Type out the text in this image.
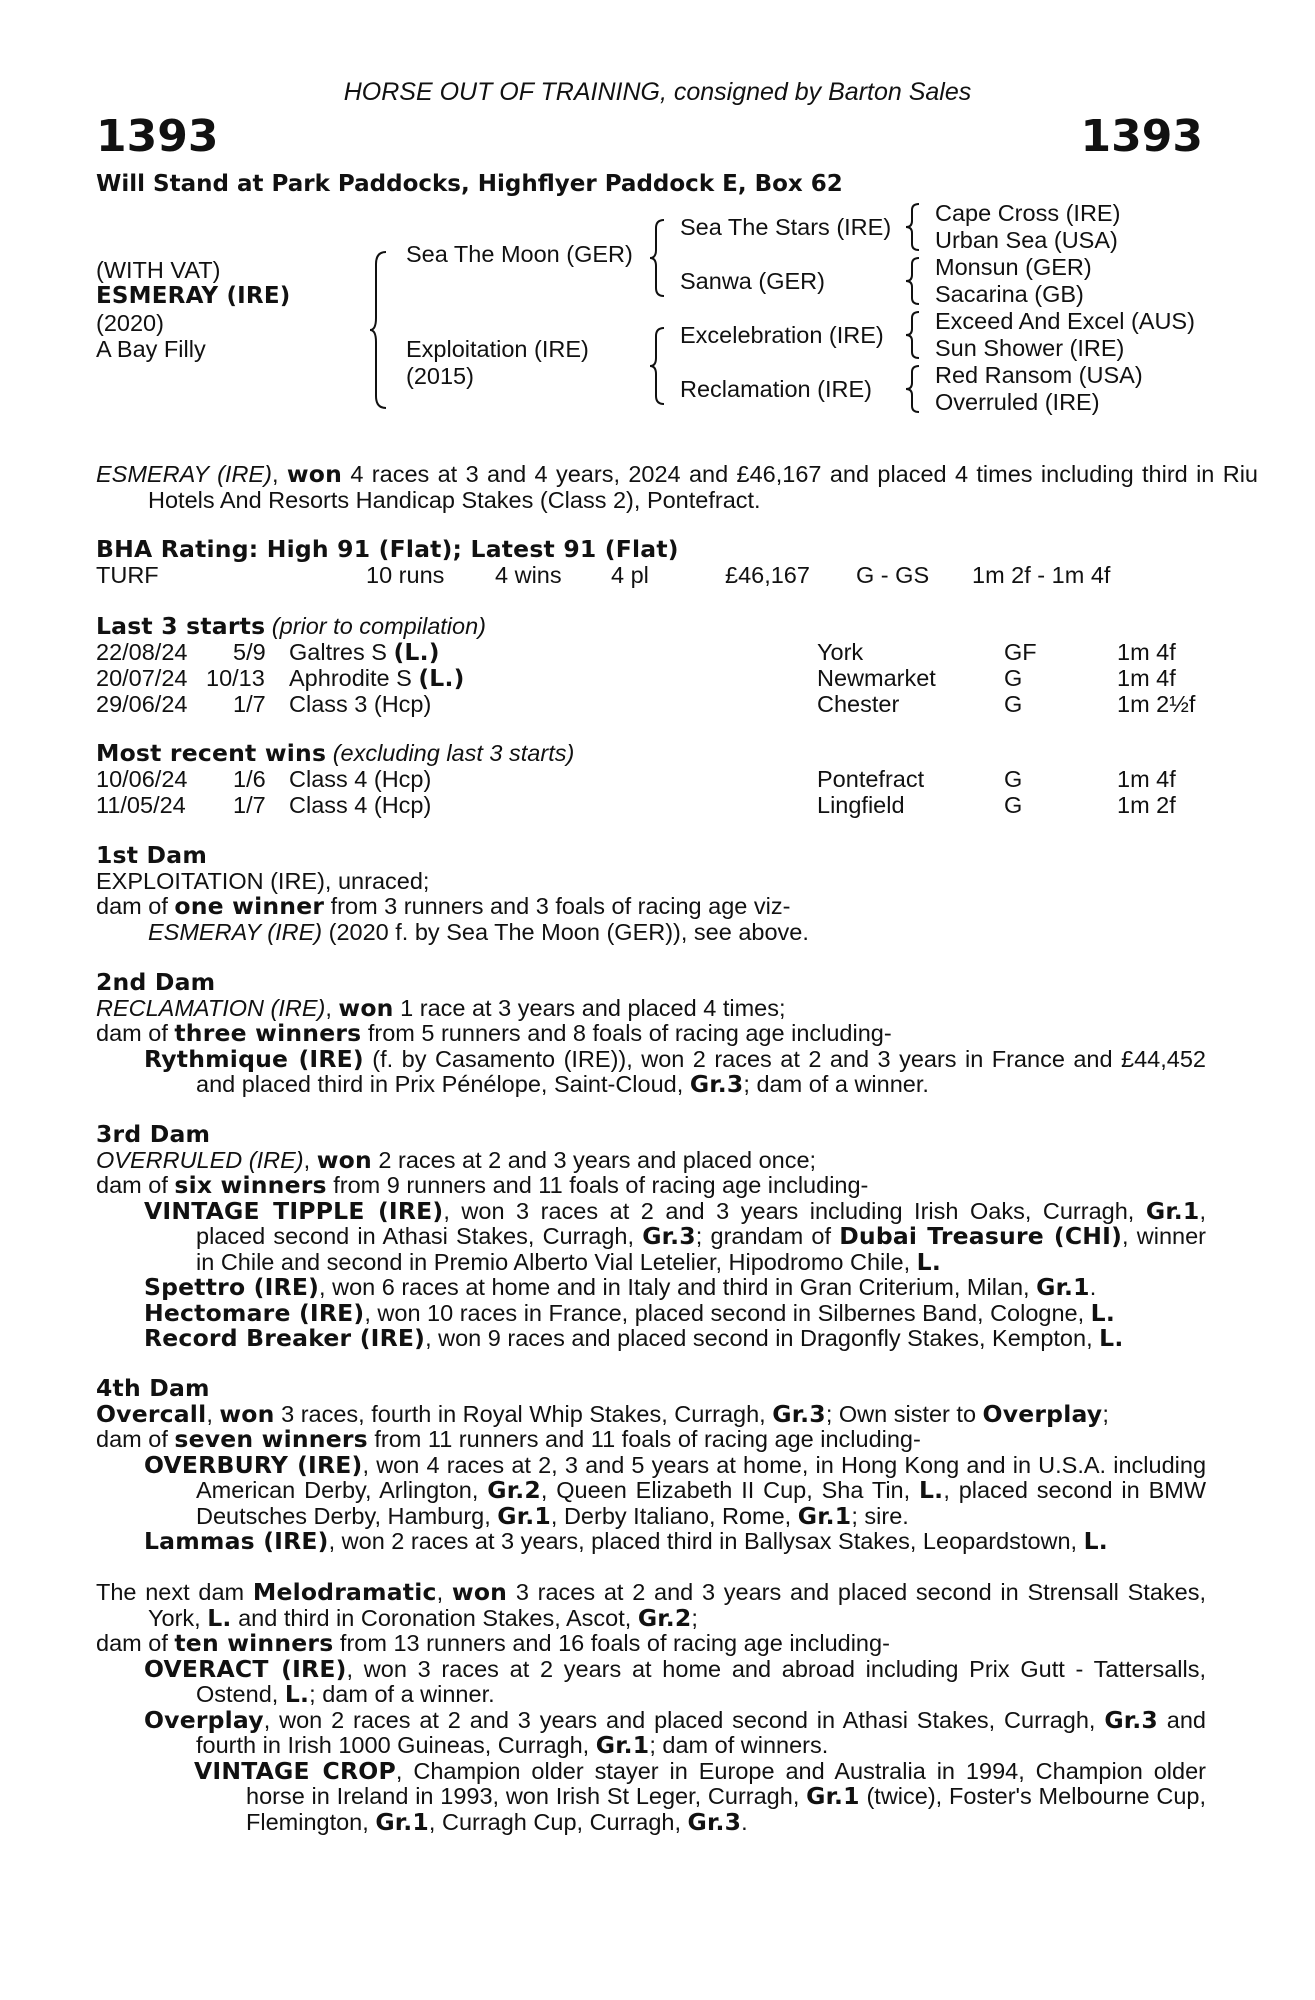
HORSE OUT OF TRAINING, consigned by Barton Sales
1393	1393
Will Stand at Park Paddocks, Highflyer Paddock E, Box 62
(WITH VAT)
ESMERAY (IRE)
(2020)
A Bay Filly
Sea The Moon (GER)
Exploitation (IRE)
(2015)
Sea The Stars (IRE)
Sanwa (GER)
Excelebration (IRE)
Reclamation (IRE)
Cape Cross (IRE)
Urban Sea (USA)
Monsun (GER)
Sacarina (GB)
Exceed And Excel (AUS)
Sun Shower (IRE)
Red Ransom (USA)
Overruled (IRE)
ESMERAY (IRE), won 4 races at 3 and 4 years, 2024 and £46,167 and placed 4 times including third in Riu Hotels And Resorts Handicap Stakes (Class 2), Pontefract.
BHA Rating: High 91 (Flat); Latest 91 (Flat)
TURF	10 runs 4 wins 4 pl	£46,167 G - GS 1m 2f - 1m 4f
Last 3 starts (prior to compilation)
22/08/24 5/9 Galtres S (L.)	York	GF	1m 4f
20/07/24 10/13 Aphrodite S (L.)	Newmarket	G	1m 4f
29/06/24 1/7 Class 3 (Hcp)	Chester	G	1m 2½f
Most recent wins (excluding last 3 starts)
10/06/24 1/6 Class 4 (Hcp)	Pontefract	G	1m 4f
11/05/24 1/7 Class 4 (Hcp)	Lingfield	G	1m 2f
1st Dam
EXPLOITATION (IRE), unraced;
dam of one winner from 3 runners and 3 foals of racing age viz-
ESMERAY (IRE) (2020 f. by Sea The Moon (GER)), see above.
2nd Dam
RECLAMATION (IRE), won 1 race at 3 years and placed 4 times;
dam of three winners from 5 runners and 8 foals of racing age including-
Rythmique (IRE) (f. by Casamento (IRE)), won 2 races at 2 and 3 years in France and £44,452 and placed third in Prix Pénélope, Saint-Cloud, Gr.3; dam of a winner.
3rd Dam
OVERRULED (IRE), won 2 races at 2 and 3 years and placed once;
dam of six winners from 9 runners and 11 foals of racing age including-
VINTAGE TIPPLE (IRE), won 3 races at 2 and 3 years including Irish Oaks, Curragh, Gr.1, placed second in Athasi Stakes, Curragh, Gr.3; grandam of Dubai Treasure (CHI), winner in Chile and second in Premio Alberto Vial Letelier, Hipodromo Chile, L.
Spettro (IRE), won 6 races at home and in Italy and third in Gran Criterium, Milan, Gr.1.
Hectomare (IRE), won 10 races in France, placed second in Silbernes Band, Cologne, L.
Record Breaker (IRE), won 9 races and placed second in Dragonfly Stakes, Kempton, L.
4th Dam
Overcall, won 3 races, fourth in Royal Whip Stakes, Curragh, Gr.3; Own sister to Overplay;
dam of seven winners from 11 runners and 11 foals of racing age including-
OVERBURY (IRE), won 4 races at 2, 3 and 5 years at home, in Hong Kong and in U.S.A. including American Derby, Arlington, Gr.2, Queen Elizabeth II Cup, Sha Tin, L., placed second in BMW Deutsches Derby, Hamburg, Gr.1, Derby Italiano, Rome, Gr.1; sire.
Lammas (IRE), won 2 races at 3 years, placed third in Ballysax Stakes, Leopardstown, L.
The next dam Melodramatic, won 3 races at 2 and 3 years and placed second in Strensall Stakes, York, L. and third in Coronation Stakes, Ascot, Gr.2;
dam of ten winners from 13 runners and 16 foals of racing age including-
OVERACT (IRE), won 3 races at 2 years at home and abroad including Prix Gutt - Tattersalls, Ostend, L.; dam of a winner.
Overplay, won 2 races at 2 and 3 years and placed second in Athasi Stakes, Curragh, Gr.3 and fourth in Irish 1000 Guineas, Curragh, Gr.1; dam of winners.
VINTAGE CROP, Champion older stayer in Europe and Australia in 1994, Champion older horse in Ireland in 1993, won Irish St Leger, Curragh, Gr.1 (twice), Foster's Melbourne Cup, Flemington, Gr.1, Curragh Cup, Curragh, Gr.3.
